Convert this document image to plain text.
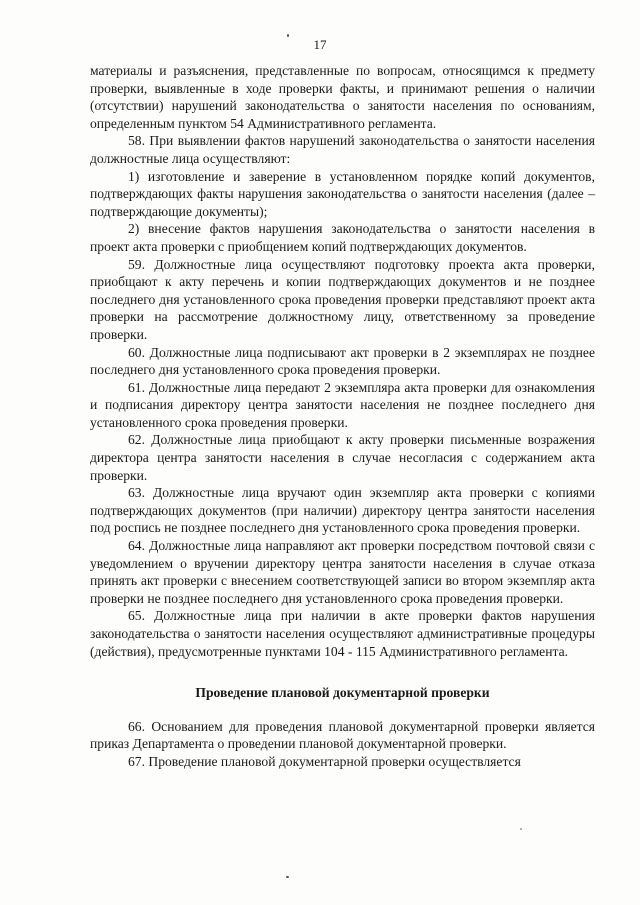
17

материалы и разъяснения, представленные по вопросам, относящимся к предмету проверки, выявленные в ходе проверки факты, и принимают решения о наличии (отсутствии) нарушений законодательства о занятости населения по основаниям, определенным пунктом 54 Административного регламента.

58. При выявлении фактов нарушений законодательства о занятости населения должностные лица осуществляют:

1) изготовление и заверение в установленном порядке копий документов, подтверждающих факты нарушения законодательства о занятости населения (далее – подтверждающие документы);

2) внесение фактов нарушения законодательства о занятости населения в проект акта проверки с приобщением копий подтверждающих документов.

59. Должностные лица осуществляют подготовку проекта акта проверки, приобщают к акту перечень и копии подтверждающих документов и не позднее последнего дня установленного срока проведения проверки представляют проект акта проверки на рассмотрение должностному лицу, ответственному за проведение проверки.

60. Должностные лица подписывают акт проверки в 2 экземплярах не позднее последнего дня установленного срока проведения проверки.

61. Должностные лица передают 2 экземпляра акта проверки для ознакомления и подписания директору центра занятости населения не позднее последнего дня установленного срока проведения проверки.

62. Должностные лица приобщают к акту проверки письменные возражения директора центра занятости населения в случае несогласия с содержанием акта проверки.

63. Должностные лица вручают один экземпляр акта проверки с копиями подтверждающих документов (при наличии) директору центра занятости населения под роспись не позднее последнего дня установленного срока проведения проверки.

64. Должностные лица направляют акт проверки посредством почтовой связи с уведомлением о вручении директору центра занятости населения в случае отказа принять акт проверки с внесением соответствующей записи во втором экземпляр акта проверки не позднее последнего дня установленного срока проведения проверки.

65. Должностные лица при наличии в акте проверки фактов нарушения законодательства о занятости населения осуществляют административные процедуры (действия), предусмотренные пунктами 104 - 115 Административного регламента.

Проведение плановой документарной проверки

66. Основанием для проведения плановой документарной проверки является приказ Департамента о проведении плановой документарной проверки.

67. Проведение плановой документарной проверки осуществляется
